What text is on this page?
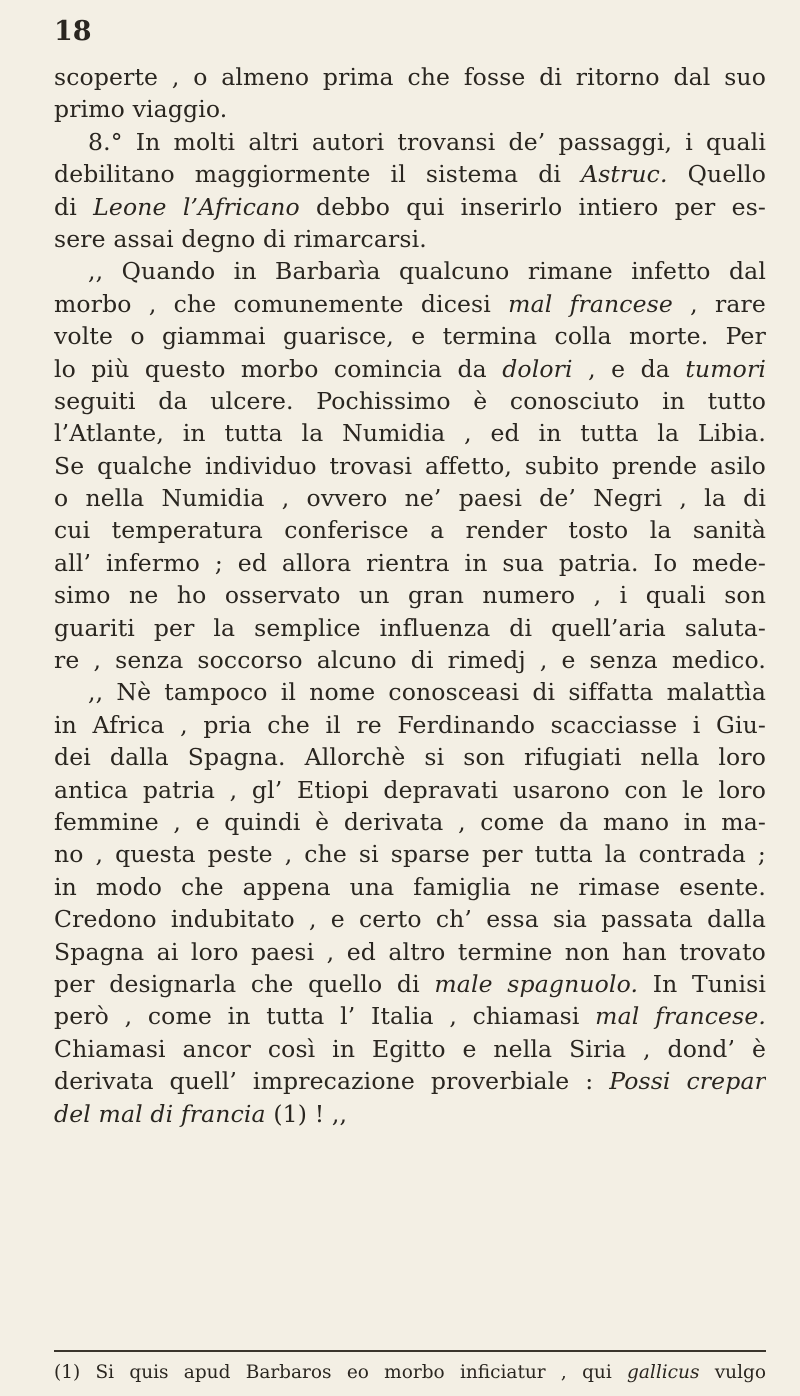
18
scoperte , o almeno prima che fosse di ritorno dal suo
primo viaggio.
8.° In molti altri autori trovansi de’ passaggi, i quali
debilitano maggiormente il sistema di Astruc. Quello
di Leone l’Africano debbo qui inserirlo intiero per es-
sere assai degno di rimarcarsi.
,, Quando in Barbarìa qualcuno rimane infetto dal
morbo , che comunemente dicesi mal francese , rare
volte o giammai guarisce, e termina colla morte. Per
lo più questo morbo comincia da dolori , e da tumori
seguiti da ulcere. Pochissimo è conosciuto in tutto
l’Atlante, in tutta la Numidia , ed in tutta la Libia.
Se qualche individuo trovasi affetto, subito prende asilo
o nella Numidia , ovvero ne’ paesi de’ Negri , la di
cui temperatura conferisce a render tosto la sanità
all’ infermo ; ed allora rientra in sua patria. Io mede-
simo ne ho osservato un gran numero , i quali son
guariti per la semplice influenza di quell’aria saluta-
re , senza soccorso alcuno di rimedj , e senza medico.
,, Nè tampoco il nome conosceasi di siffatta malattìa
in Africa , pria che il re Ferdinando scacciasse i Giu-
dei dalla Spagna. Allorchè si son rifugiati nella loro
antica patria , gl’ Etiopi depravati usarono con le loro
femmine , e quindi è derivata , come da mano in ma-
no , questa peste , che si sparse per tutta la contrada ;
in modo che appena una famiglia ne rimase esente.
Credono indubitato , e certo ch’ essa sia passata dalla
Spagna ai loro paesi , ed altro termine non han trovato
per designarla che quello di male spagnuolo. In Tunisi
però , come in tutta l’ Italia , chiamasi mal francese.
Chiamasi ancor così in Egitto e nella Siria , dond’ è
derivata quell’ imprecazione proverbiale : Possi crepar
del mal di francia (1) ! ,,
(1) Si quis apud Barbaros eo morbo inficiatur , qui gallicus vulgo
